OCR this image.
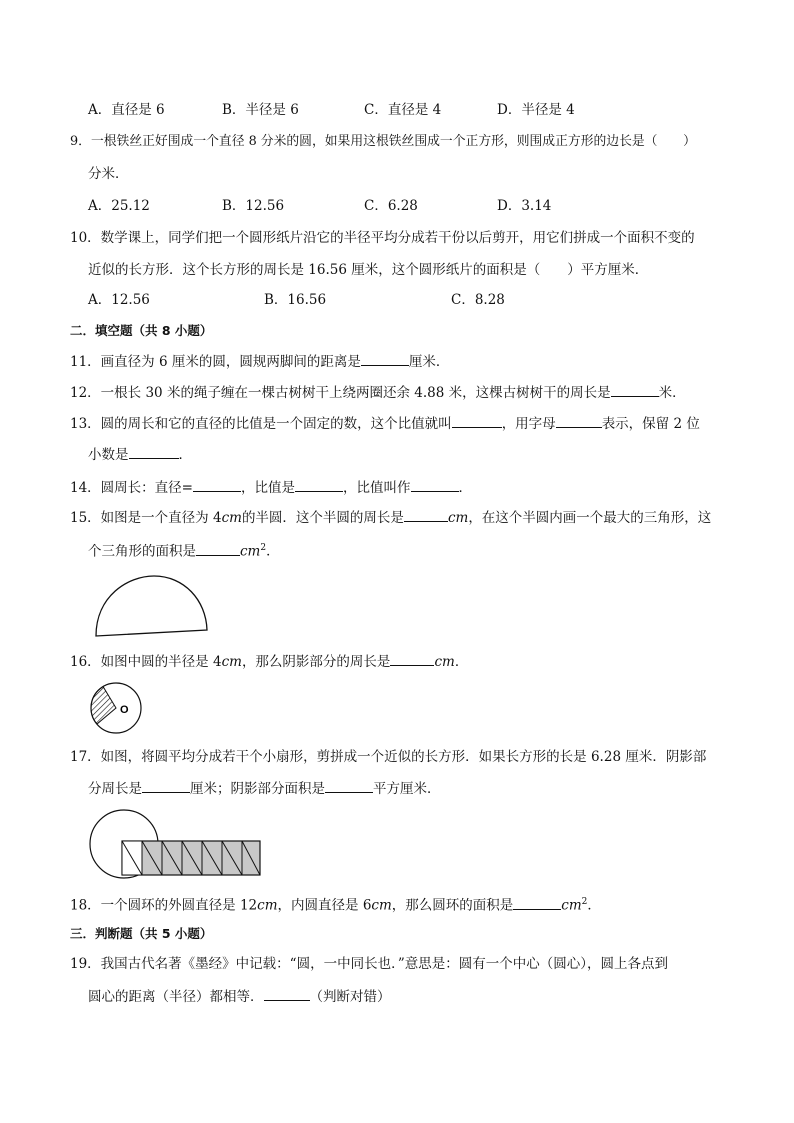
A．直径是 6	B．半径是 6	C．直径是 4	D．半径是 4
9．一根铁丝正好围成一个直径 8 分米的圆，如果用这根铁丝围成一个正方形，则围成正方形的边长是（　　）
分米．
A．25.12	B．12.56	C．6.28	D．3.14
10．数学课上，同学们把一个圆形纸片沿它的半径平均分成若干份以后剪开，用它们拼成一个面积不变的
近似的长方形．这个长方形的周长是 16.56 厘米，这个圆形纸片的面积是（　　）平方厘米．
A．12.56	B．16.56	C．8.28
二．填空题（共 8 小题）
11．画直径为 6 厘米的圆，圆规两脚间的距离是	厘米．
12．一根长 30 米的绳子缠在一棵古树树干上绕两圈还余 4.88 米，这棵古树树干的周长是	米．
13．圆的周长和它的直径的比值是一个固定的数，这个比值就叫	，用字母	表示，保留 2 位
小数是	．
14．圆周长：直径=	，比值是	，比值叫作	．
15．如图是一个直径为 4cm的半圆．这个半圆的周长是	cm，在这个半圆内画一个最大的三角形，这
个三角形的面积是	$cm^2$．
16．如图中圆的半径是 4cm，那么阴影部分的周长是	cm．
O
17．如图，将圆平均分成若干个小扇形，剪拼成一个近似的长方形．如果长方形的长是 6.28 厘米．阴影部
分周长是	厘米；阴影部分面积是	平方厘米．
18．一个圆环的外圆直径是 12cm，内圆直径是 6cm，那么圆环的面积是	$cm^2$．
三．判断题（共 5 小题）
19．我国古代名著《墨经》中记载：“圆，一中同长也．”意思是：圆有一个中心（圆心），圆上各点到
圆心的距离（半径）都相等．	（判断对错）
